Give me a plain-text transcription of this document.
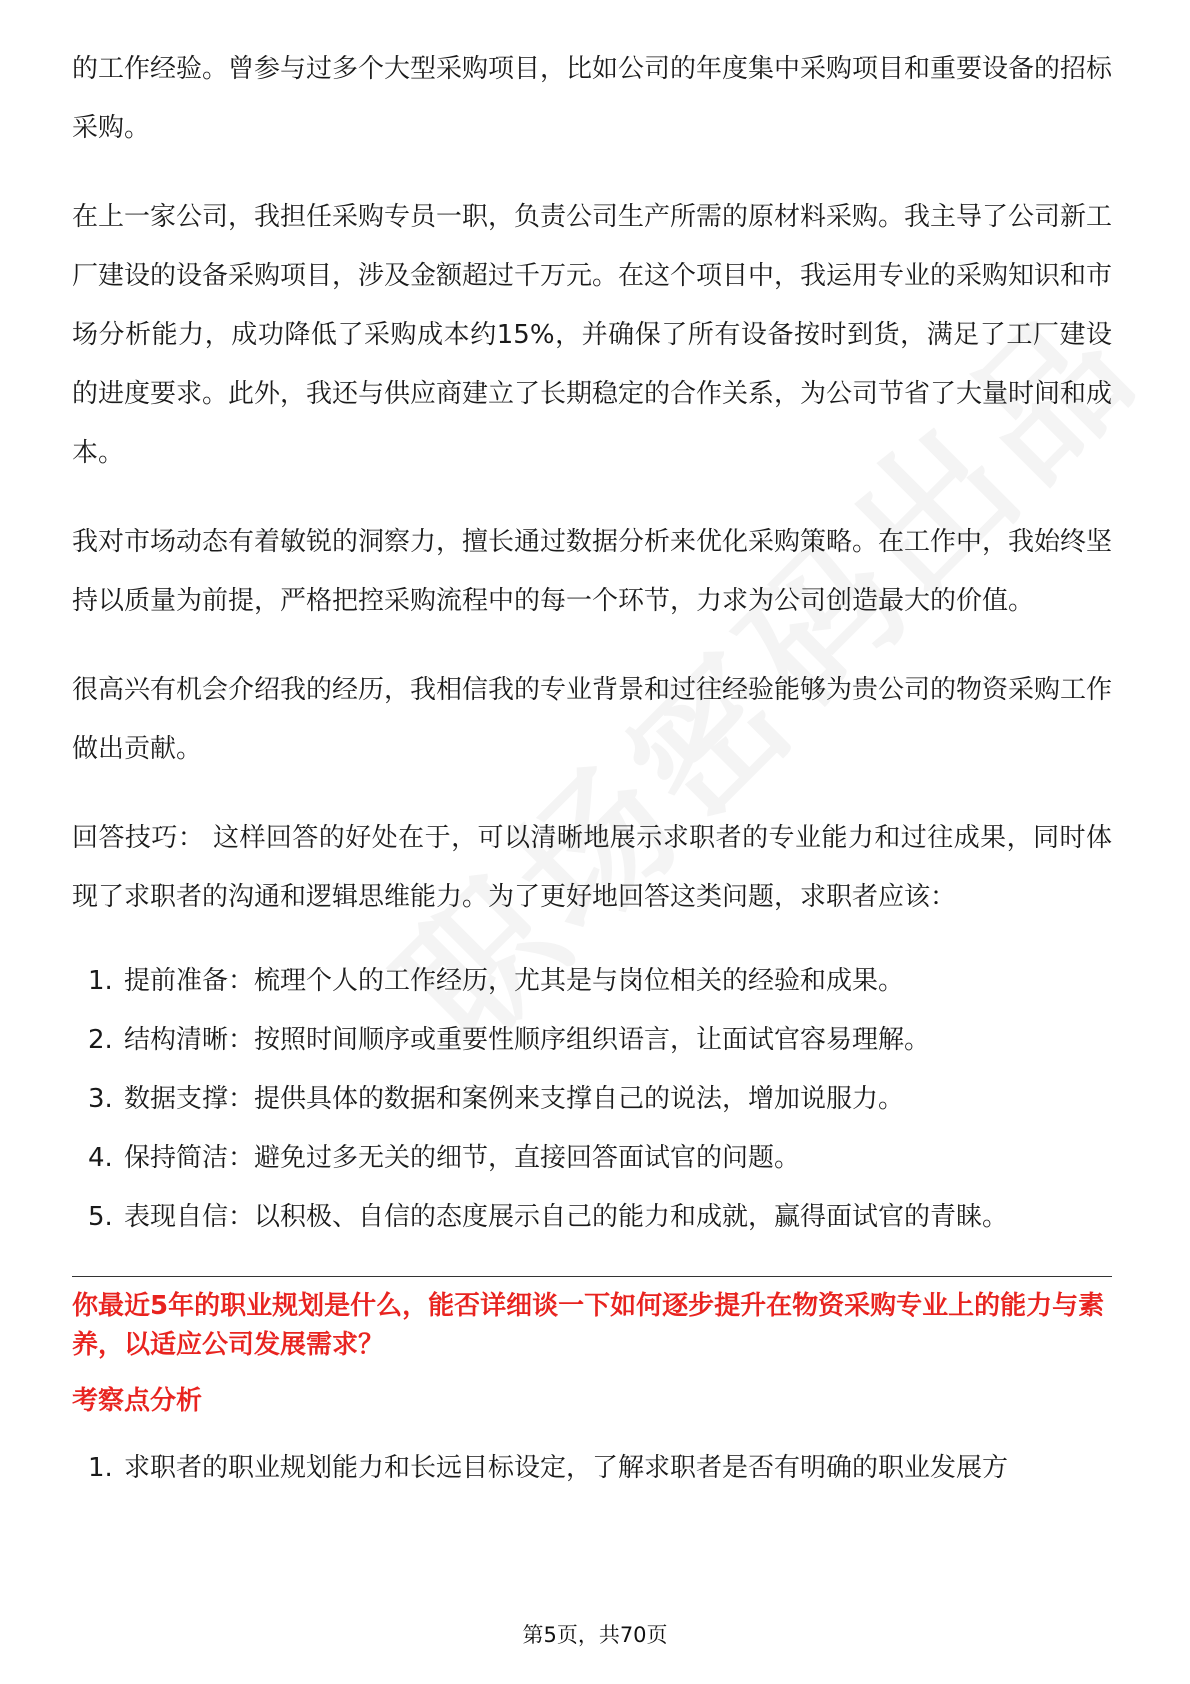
的工作经验。曾参与过多个大型采购项目，比如公司的年度集中采购项目和重要设备的招标采购。

在上一家公司，我担任采购专员一职，负责公司生产所需的原材料采购。我主导了公司新工厂建设的设备采购项目，涉及金额超过千万元。在这个项目中，我运用专业的采购知识和市场分析能力，成功降低了采购成本约15%，并确保了所有设备按时到货，满足了工厂建设的进度要求。此外，我还与供应商建立了长期稳定的合作关系，为公司节省了大量时间和成本。

我对市场动态有着敏锐的洞察力，擅长通过数据分析来优化采购策略。在工作中，我始终坚持以质量为前提，严格把控采购流程中的每一个环节，力求为公司创造最大的价值。

很高兴有机会介绍我的经历，我相信我的专业背景和过往经验能够为贵公司的物资采购工作做出贡献。

回答技巧： 这样回答的好处在于，可以清晰地展示求职者的专业能力和过往成果，同时体现了求职者的沟通和逻辑思维能力。为了更好地回答这类问题，求职者应该：

1. 提前准备：梳理个人的工作经历，尤其是与岗位相关的经验和成果。
2. 结构清晰：按照时间顺序或重要性顺序组织语言，让面试官容易理解。
3. 数据支撑：提供具体的数据和案例来支撑自己的说法，增加说服力。
4. 保持简洁：避免过多无关的细节，直接回答面试官的问题。
5. 表现自信：以积极、自信的态度展示自己的能力和成就，赢得面试官的青睐。

你最近5年的职业规划是什么，能否详细谈一下如何逐步提升在物资采购专业上的能力与素养，以适应公司发展需求？

考察点分析

1. 求职者的职业规划能力和长远目标设定，了解求职者是否有明确的职业发展方
第5页，共70页
